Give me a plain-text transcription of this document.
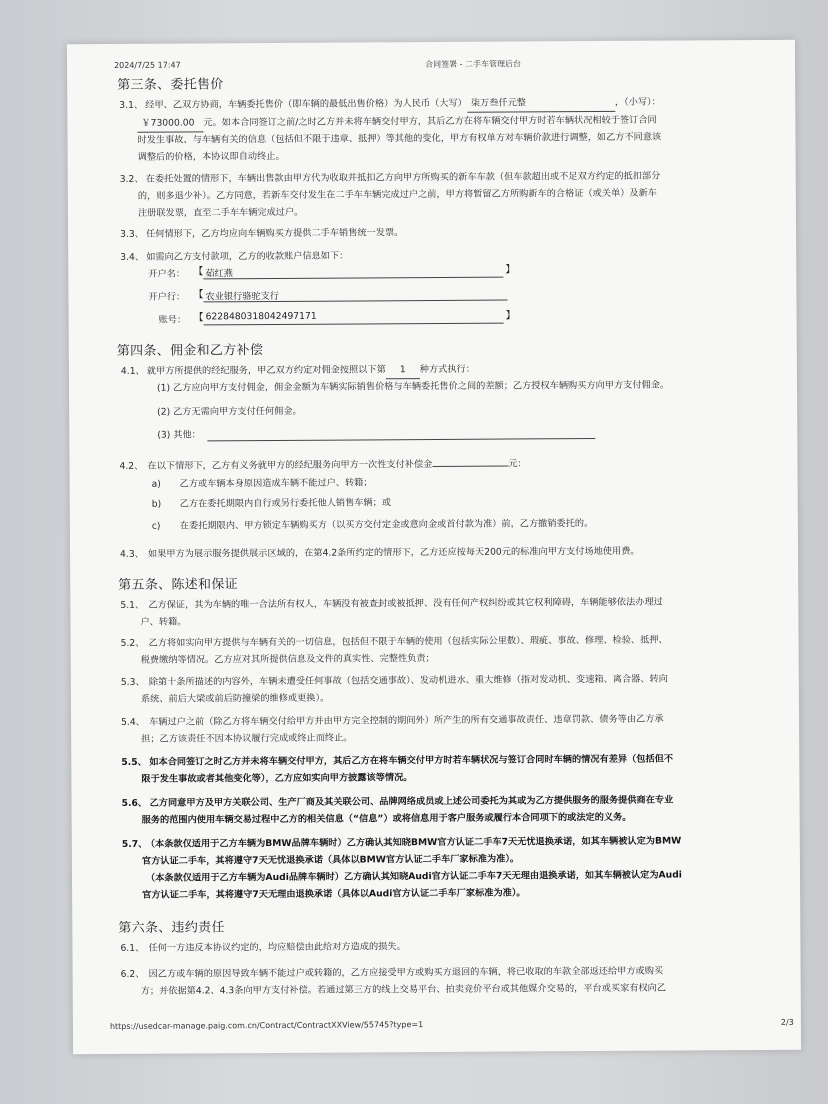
2024/7/25 17:47	合同签署 - 二手车管理后台
第三条、委托售价
3.1、 经甲、乙双方协商，车辆委托售价（即车辆的最低出售价格）为人民币（大写） 柒万叁仟元整	，（小写）：
￥73000.00 元。如本合同签订之前/之时乙方并未将车辆交付甲方，其后乙方在将车辆交付甲方时若车辆状况相较于签订合同
时发生事故、与车辆有关的信息（包括但不限于违章、抵押）等其他的变化，甲方有权单方对车辆价款进行调整，如乙方不同意该
调整后的价格，本协议即自动终止。
3.2、 在委托处置的情形下，车辆出售款由甲方代为收取并抵扣乙方向甲方所购买的新车车款（但车款超出或不足双方约定的抵扣部分
的，则多退少补）。乙方同意，若新车交付发生在二手车车辆完成过户之前，甲方将暂留乙方所购新车的合格证（或关单）及新车
注册联发票，直至二手车车辆完成过户。
3.3、 任何情形下，乙方均应向车辆购买方提供二手车销售统一发票。
3.4、 如需向乙方支付款项，乙方的收款账户信息如下：
开户名： 【 茹红燕	】
开户行： 【 农业银行骆驼支行
账号： 【 6228480318042497171	】
第四条、佣金和乙方补偿
4.1、 就甲方所提供的经纪服务，甲乙双方约定对佣金按照以下第 1 种方式执行：
(1) 乙方应向甲方支付佣金，佣金金额为车辆实际销售价格与车辆委托售价之间的差额；乙方授权车辆购买方向甲方支付佣金。
(2) 乙方无需向甲方支付任何佣金。
(3) 其他：
4.2、 在以下情形下，乙方有义务就甲方的经纪服务向甲方一次性支付补偿金	元：
a) 乙方或车辆本身原因造成车辆不能过户、转籍；
b) 乙方在委托期限内自行或另行委托他人销售车辆；或
c) 在委托期限内、甲方锁定车辆购买方（以买方交付定金或意向金或首付款为准）前，乙方撤销委托的。
4.3、 如果甲方为展示服务提供展示区域的，在第4.2条所约定的情形下，乙方还应按每天200元的标准向甲方支付场地使用费。
第五条、陈述和保证
5.1、 乙方保证，其为车辆的唯一合法所有权人，车辆没有被查封或被抵押、没有任何产权纠纷或其它权利障碍，车辆能够依法办理过
户、转籍。
5.2、 乙方将如实向甲方提供与车辆有关的一切信息，包括但不限于车辆的使用（包括实际公里数）、瑕疵、事故、修理、检验、抵押、
税费缴纳等情况。乙方应对其所提供信息及文件的真实性、完整性负责；
5.3、 除第十条所描述的内容外，车辆未遭受任何事故（包括交通事故）、发动机进水、重大维修（指对发动机、变速箱、离合器、转向
系统、前后大梁或前后防撞梁的维修或更换）。
5.4、 车辆过户之前（除乙方将车辆交付给甲方并由甲方完全控制的期间外）所产生的所有交通事故责任、违章罚款、债务等由乙方承
担；乙方该责任不因本协议履行完成或终止而终止。
5.5、 如本合同签订之时乙方并未将车辆交付甲方，其后乙方在将车辆交付甲方时若车辆状况与签订合同时车辆的情况有差异（包括但不
限于发生事故或者其他变化等），乙方应如实向甲方披露该等情况。
5.6、 乙方同意甲方及甲方关联公司、生产厂商及其关联公司、品牌网络成员或上述公司委托为其或为乙方提供服务的服务提供商在专业
服务的范围内使用车辆交易过程中乙方的相关信息（“信息”）或将信息用于客户服务或履行本合同项下的或法定的义务。
5.7、
（本条款仅适用于乙方车辆为BMW品牌车辆时）乙方确认其知晓BMW官方认证二手车7天无忧退换承诺，如其车辆被认定为BMW
官方认证二手车，其将遵守7天无忧退换承诺（具体以BMW官方认证二手车厂家标准为准）。
（本条款仅适用于乙方车辆为Audi品牌车辆时）乙方确认其知晓Audi官方认证二手车7天无理由退换承诺，如其车辆被认定为Audi
官方认证二手车，其将遵守7天无理由退换承诺（具体以Audi官方认证二手车厂家标准为准）。
第六条、违约责任
6.1、 任何一方违反本协议约定的，均应赔偿由此给对方造成的损失。
6.2、 因乙方或车辆的原因导致车辆不能过户或转籍的，乙方应接受甲方或购买方退回的车辆，将已收取的车款全部返还给甲方或购买
方；并依据第4.2、4.3条向甲方支付补偿。若通过第三方的线上交易平台、拍卖竞价平台或其他媒介交易的，平台或买家有权向乙
https://usedcar-manage.paig.com.cn/Contract/ContractXXView/55745?type=1	2/3
